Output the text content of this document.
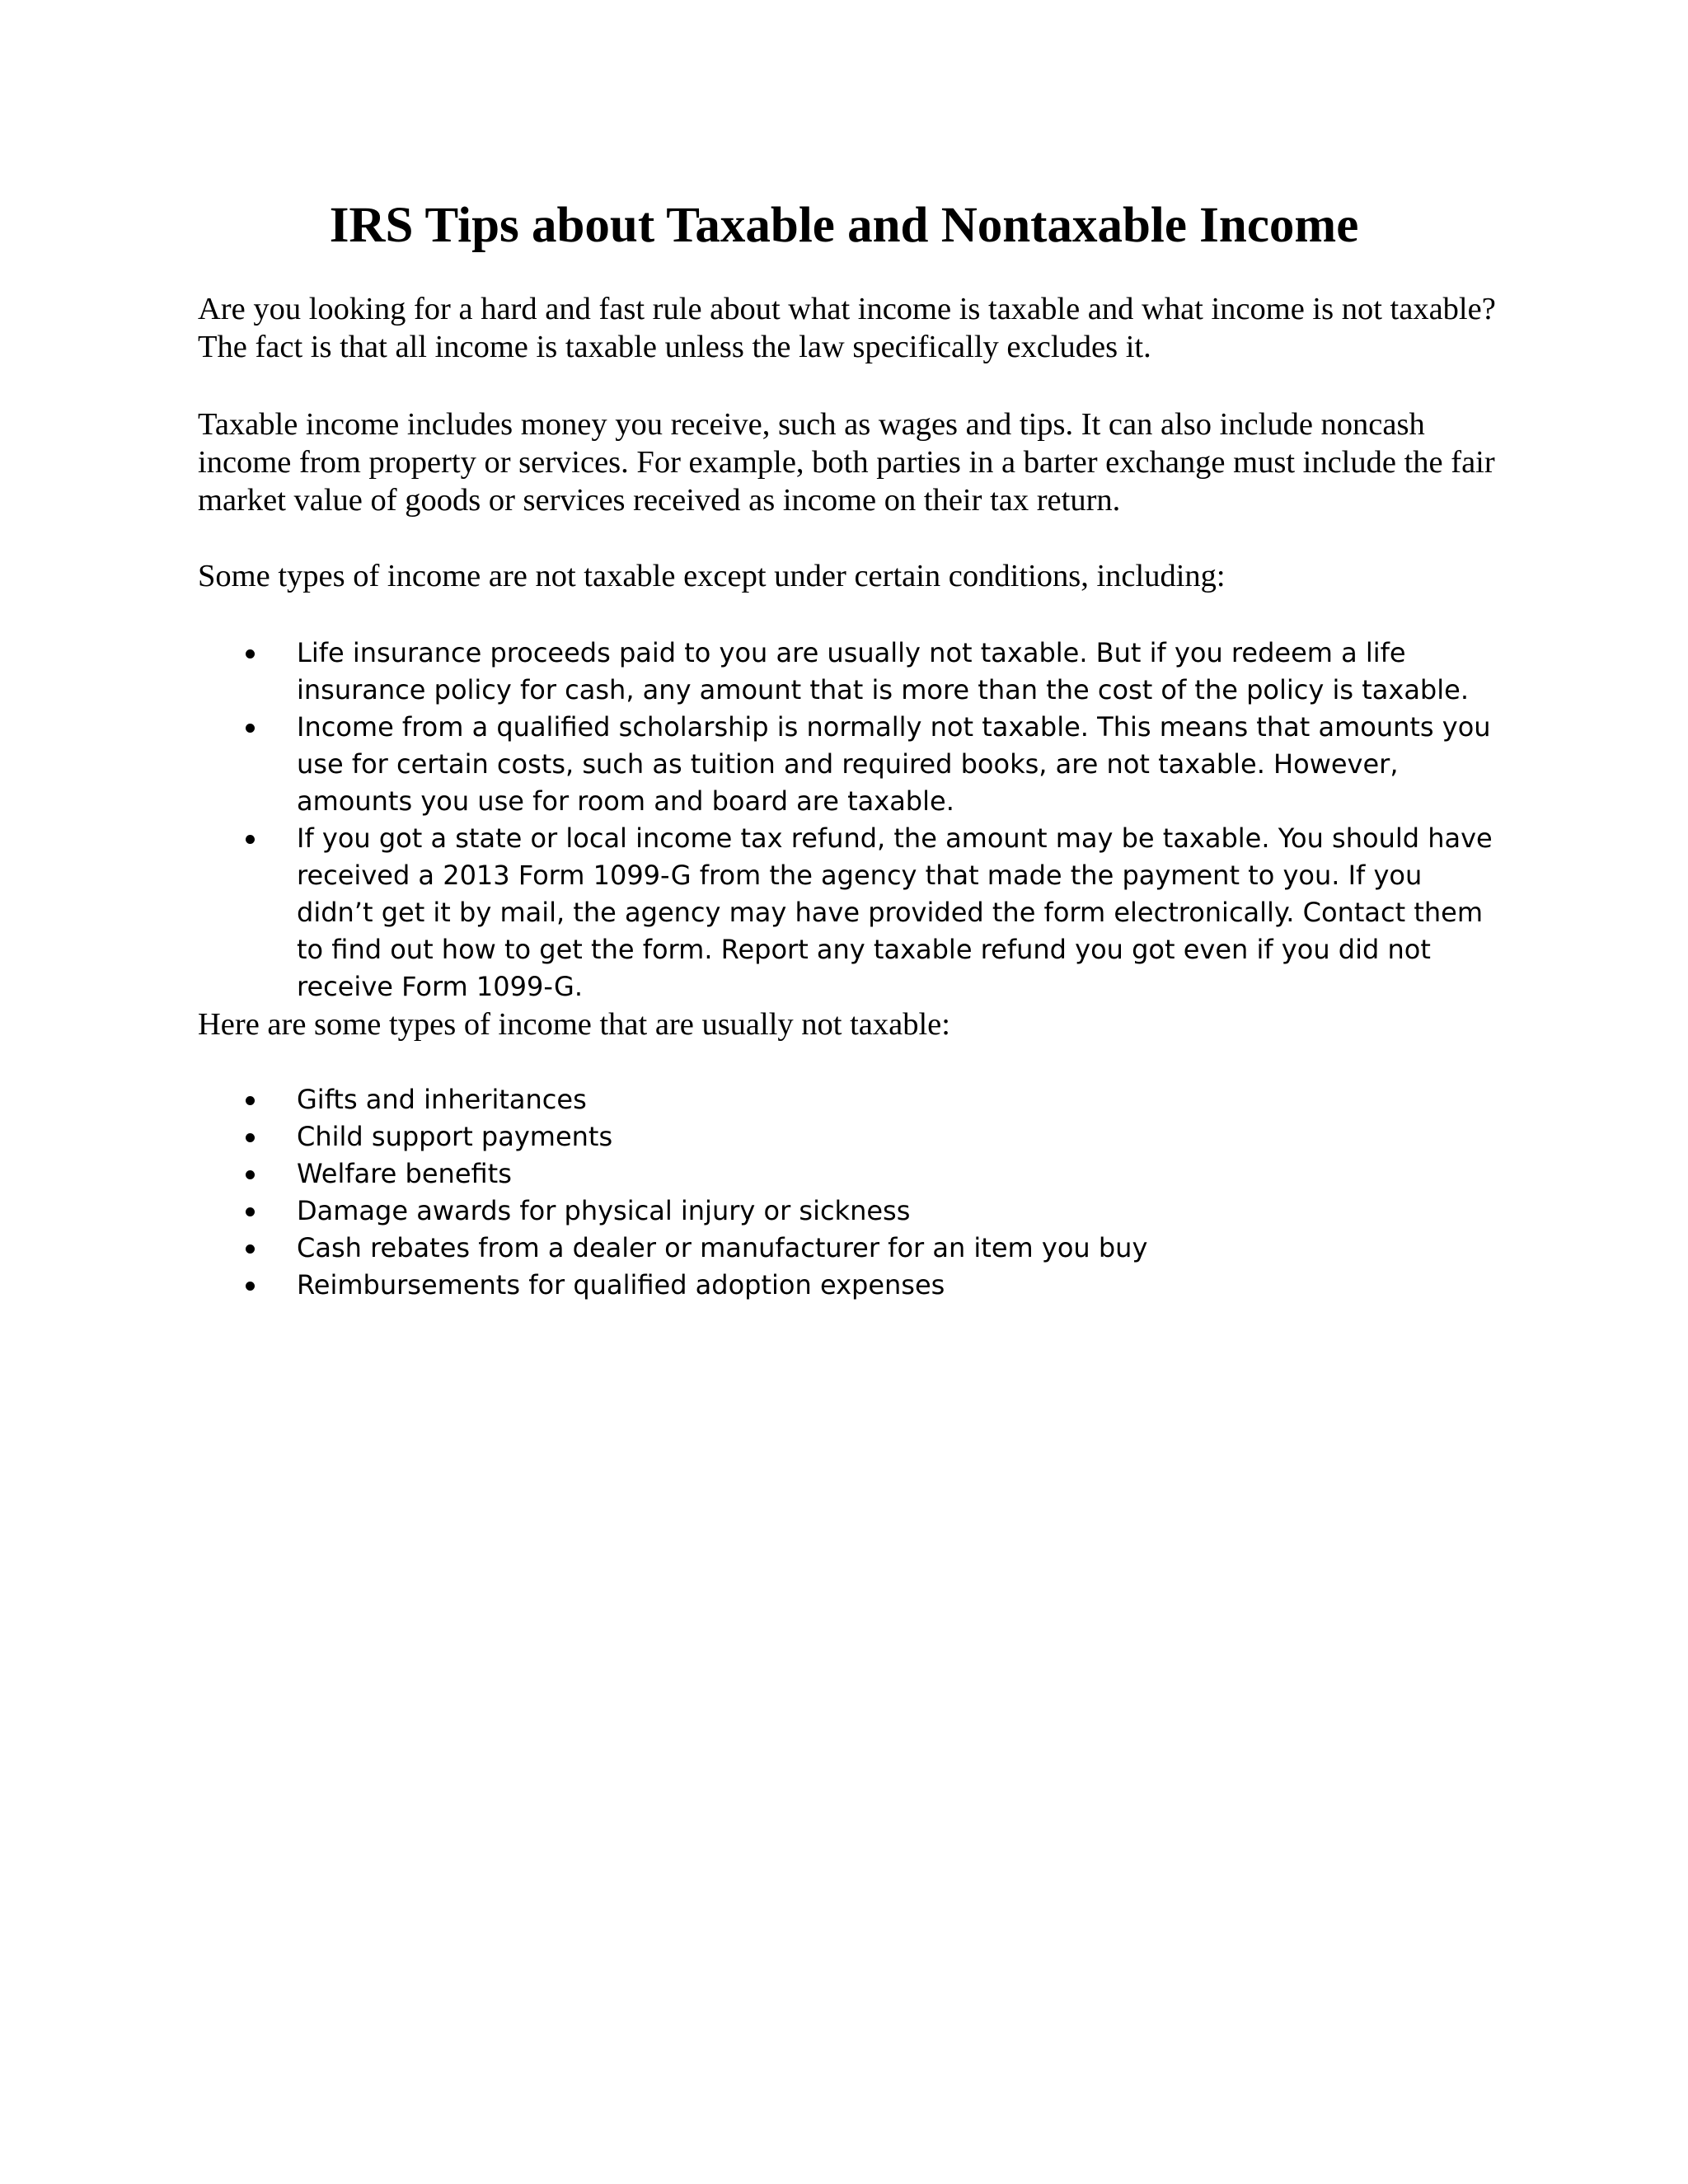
IRS Tips about Taxable and Nontaxable Income

Are you looking for a hard and fast rule about what income is taxable and what income is not taxable? The fact is that all income is taxable unless the law specifically excludes it.

Taxable income includes money you receive, such as wages and tips. It can also include noncash income from property or services. For example, both parties in a barter exchange must include the fair market value of goods or services received as income on their tax return.

Some types of income are not taxable except under certain conditions, including:

Life insurance proceeds paid to you are usually not taxable. But if you redeem a life insurance policy for cash, any amount that is more than the cost of the policy is taxable.
Income from a qualified scholarship is normally not taxable. This means that amounts you use for certain costs, such as tuition and required books, are not taxable. However, amounts you use for room and board are taxable.
If you got a state or local income tax refund, the amount may be taxable. You should have received a 2013 Form 1099-G from the agency that made the payment to you. If you didn’t get it by mail, the agency may have provided the form electronically. Contact them to find out how to get the form. Report any taxable refund you got even if you did not receive Form 1099-G.

Here are some types of income that are usually not taxable:

Gifts and inheritances
Child support payments
Welfare benefits
Damage awards for physical injury or sickness
Cash rebates from a dealer or manufacturer for an item you buy
Reimbursements for qualified adoption expenses
